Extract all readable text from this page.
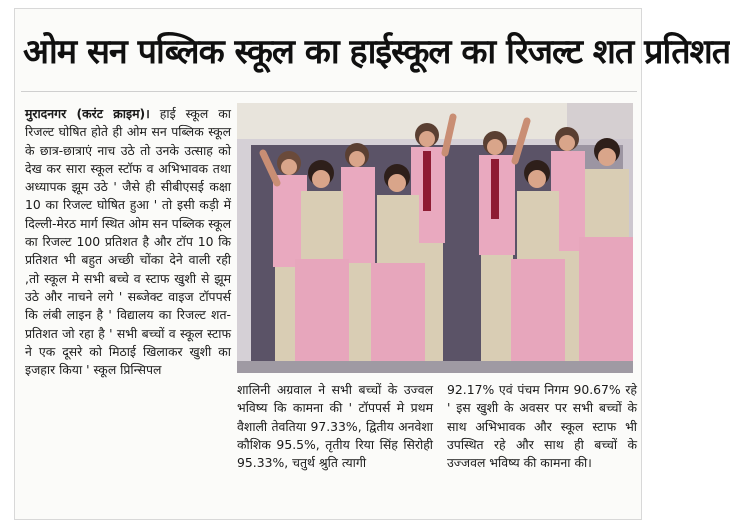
ओम सन पब्लिक स्कूल का हाईस्कूल का रिजल्ट शत प्रतिशत
मुरादनगर (करंट क्राइम)। हाई स्कूल का रिजल्ट घोषित होते ही ओम सन पब्लिक स्कूल के छात्र-छात्राएं नाच उठे तो उनके उत्साह को देख कर सारा स्कूल स्टॉफ व अभिभावक तथा अध्यापक झूम उठे ' जैसे ही सीबीएसई कक्षा 10 का रिजल्ट घोषित हुआ ' तो इसी कड़ी में दिल्ली-मेरठ मार्ग स्थित ओम सन पब्लिक स्कूल का रिजल्ट 100 प्रतिशत है और टॉप 10 कि प्रतिशत भी बहुत अच्छी चोंका देने वाली रही ,तो स्कूल मे सभी बच्चे व स्टाफ खुशी से झूम उठे और नाचने लगे ' सब्जेक्ट वाइज टॉपपर्स कि लंबी लाइन है ' विद्यालय का रिजल्ट शत-प्रतिशत जो रहा है ' सभी बच्चों व स्कूल स्टाफ ने एक दूसरे को मिठाई खिलाकर खुशी का इजहार किया ' स्कूल प्रिन्सिपल
शालिनी अग्रवाल ने सभी बच्चों के उज्वल भविष्य कि कामना की ' टॉपपर्स मे प्रथम वैशाली तेवतिया 97.33%, द्वितीय अनवेशा कौशिक 95.5%, तृतीय रिया सिंह सिरोही 95.33%, चतुर्थ श्रुति त्यागी
92.17% एवं पंचम निगम 90.67% रहे ' इस खुशी के अवसर पर सभी बच्चों के साथ अभिभावक और स्कूल स्टाफ भी उपस्थित रहे और साथ ही बच्चों के उज्जवल भविष्य की कामना की।
